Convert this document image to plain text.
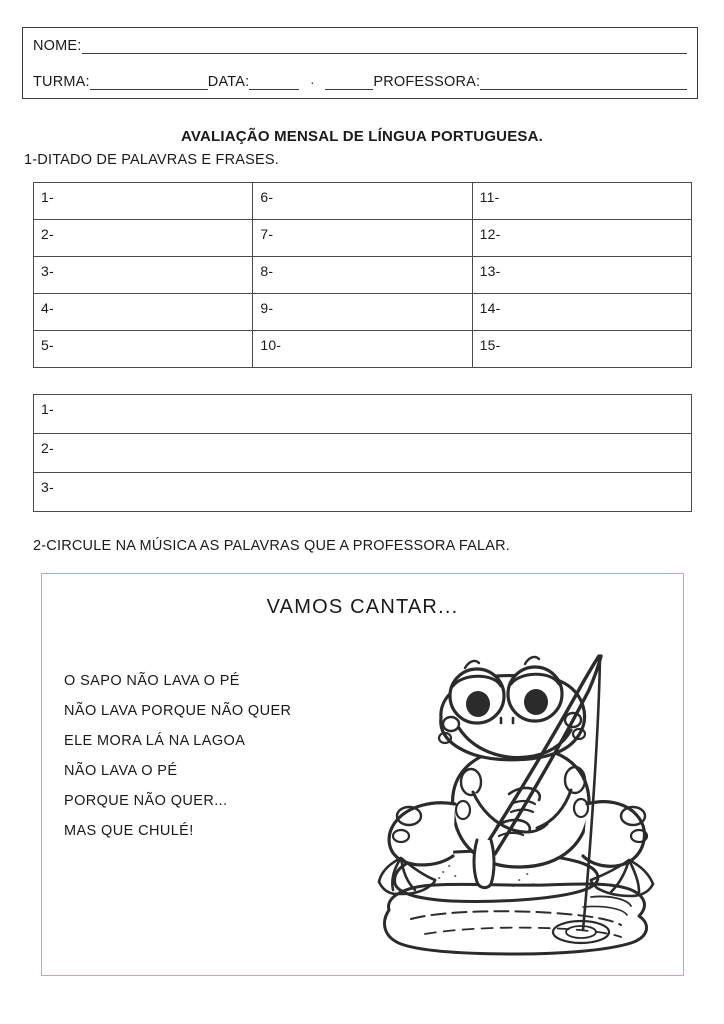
NOME:
TURMA:	DATA:	·	PROFESSORA:
AVALIAÇÃO MENSAL DE LÍNGUA PORTUGUESA.
1-DITADO DE PALAVRAS E FRASES.
1-	6-	11-
2-	7-	12-
3-	8-	13-
4-	9-	14-
5-	10-	15-
1-
2-
3-
2-CIRCULE NA MÚSICA AS PALAVRAS QUE A PROFESSORA FALAR.
VAMOS CANTAR...
O SAPO NÃO LAVA O PÉ
NÃO LAVA PORQUE NÃO QUER
ELE MORA LÁ NA LAGOA
NÃO LAVA O PÉ
PORQUE NÃO QUER...
MAS QUE CHULÉ!
